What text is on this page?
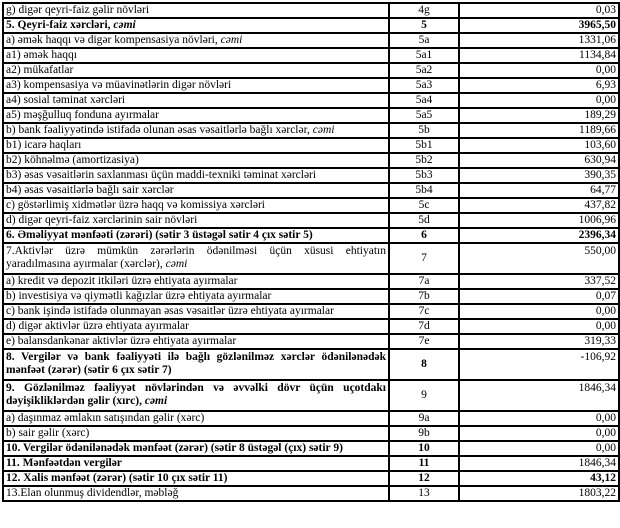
g) digər qeyri-faiz gəlir növləri	4g	0,03
5. Qeyri-faiz xərcləri, cəmi	5	3965,50
a) əmək haqqı və digər kompensasiya növləri, cəmi	5a	1331,06
a1) əmək haqqı	5a1	1134,84
a2) mükafatlar	5a2	0,00
a3) kompensasiya və müavinətlərin digər növləri	5a3	6,93
a4) sosial təminat xərcləri	5a4	0,00
a5) məşğulluq fonduna ayırmalar	5a5	189,29
b) bank fəaliyyətində istifadə olunan əsas vəsaitlərlə bağlı xərclər, cəmi	5b	1189,66
b1) icarə haqları	5b1	103,60
b2) köhnəlmə (amortizasiya)	5b2	630,94
b3) əsas vəsaitlərin saxlanması üçün maddi-texniki təminat xərcləri	5b3	390,35
b4) əsas vəsaitlərlə bağlı sair xərclər	5b4	64,77
c) göstərlimiş xidmətlər üzrə haqq və komissiya xərcləri	5c	437,82
d) digər qeyri-faiz xərclərinin sair növləri	5d	1006,96
6. Əməliyyat mənfəəti (zərəri) (sətir 3 üstəgəl sətir 4 çıx sətir 5)	6	2396,34
7.Aktivlər üzrə mümkün zərərlərin ödənilməsi üçün xüsusi ehtiyatın yaradılmasına ayırmalar (xərclər), cəmi	7	550,00
a) kredit və depozit itkiləri üzrə ehtiyata ayırmalar	7a	337,52
b) investisiya və qiymətli kağızlar üzrə ehtiyata ayırmalar	7b	0,07
c) bank işində istifadə olunmayan əsas vəsaitlər üzrə ehtiyata ayırmalar	7c	0,00
d) digər aktivlər üzrə ehtiyata ayırmalar	7d	0,00
e) balansdankənar aktivlər üzrə ehtiyata ayırmalar	7e	319,33
8. Vergilər və bank fəaliyyəti ilə bağlı gözlənilməz xərclər ödənilənədək mənfəət (zərər) (sətir 6 çıx sətir 7)	8	-106,92
9. Gözlənilməz fəaliyyət növlərindən və əvvəlki dövr üçün uçotdakı dəyişikliklərdən gəlir (xırc), cəmi	9	1846,34
a) daşınmaz əmlakın satışından gəlir (xərc)	9a	0,00
b) sair gəlir (xərc)	9b	0,00
10. Vergilər ödənilənədək mənfəət (zərər) (sətir 8 üstəgəl (çıx) sətir 9)	10	0,00
11. Mənfəətdən vergilər	11	1846,34
12. Xalis mənfəət (zərər) (sətir 10 çıx sətir 11)	12	43,12
13.Elan olunmuş dividendlər, məbləğ	13	1803,22
